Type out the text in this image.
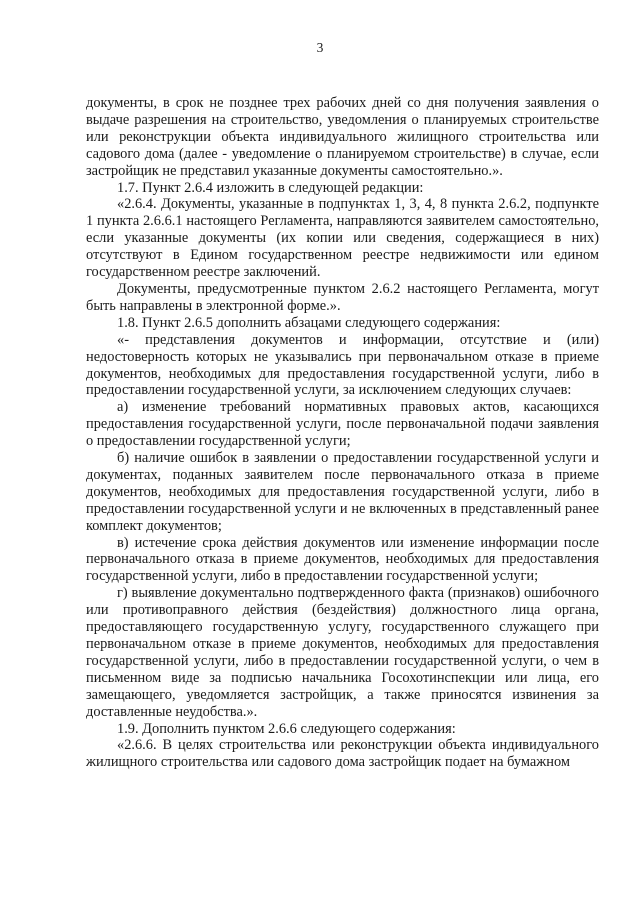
3

документы, в срок не позднее трех рабочих дней со дня получения заявления о выдаче разрешения на строительство, уведомления о планируемых строительстве или реконструкции объекта индивидуального жилищного строительства или садового дома (далее - уведомление о планируемом строительстве) в случае, если застройщик не представил указанные документы самостоятельно.».

1.7. Пункт 2.6.4 изложить в следующей редакции:

«2.6.4. Документы, указанные в подпунктах 1, 3, 4, 8 пункта 2.6.2, подпункте 1 пункта 2.6.6.1 настоящего Регламента, направляются заявителем самостоятельно, если указанные документы (их копии или сведения, содержащиеся в них) отсутствуют в Едином государственном реестре недвижимости или едином государственном реестре заключений.

Документы, предусмотренные пунктом 2.6.2 настоящего Регламента, могут быть направлены в электронной форме.».

1.8. Пункт 2.6.5 дополнить абзацами следующего содержания:

«- представления документов и информации, отсутствие и (или) недостоверность которых не указывались при первоначальном отказе в приеме документов, необходимых для предоставления государственной услуги, либо в предоставлении государственной услуги, за исключением следующих случаев:

а) изменение требований нормативных правовых актов, касающихся предоставления государственной услуги, после первоначальной подачи заявления о предоставлении государственной услуги;

б) наличие ошибок в заявлении о предоставлении государственной услуги и документах, поданных заявителем после первоначального отказа в приеме документов, необходимых для предоставления государственной услуги, либо в предоставлении государственной услуги и не включенных в представленный ранее комплект документов;

в) истечение срока действия документов или изменение информации после первоначального отказа в приеме документов, необходимых для предоставления государственной услуги, либо в предоставлении государственной услуги;

г) выявление документально подтвержденного факта (признаков) ошибочного или противоправного действия (бездействия) должностного лица органа, предоставляющего государственную услугу, государственного служащего при первоначальном отказе в приеме документов, необходимых для предоставления государственной услуги, либо в предоставлении государственной услуги, о чем в письменном виде за подписью начальника Госохотинспекции или лица, его замещающего, уведомляется застройщик, а также приносятся извинения за доставленные неудобства.».

1.9. Дополнить пунктом 2.6.6 следующего содержания:

«2.6.6. В целях строительства или реконструкции объекта индивидуального жилищного строительства или садового дома застройщик подает на бумажном
